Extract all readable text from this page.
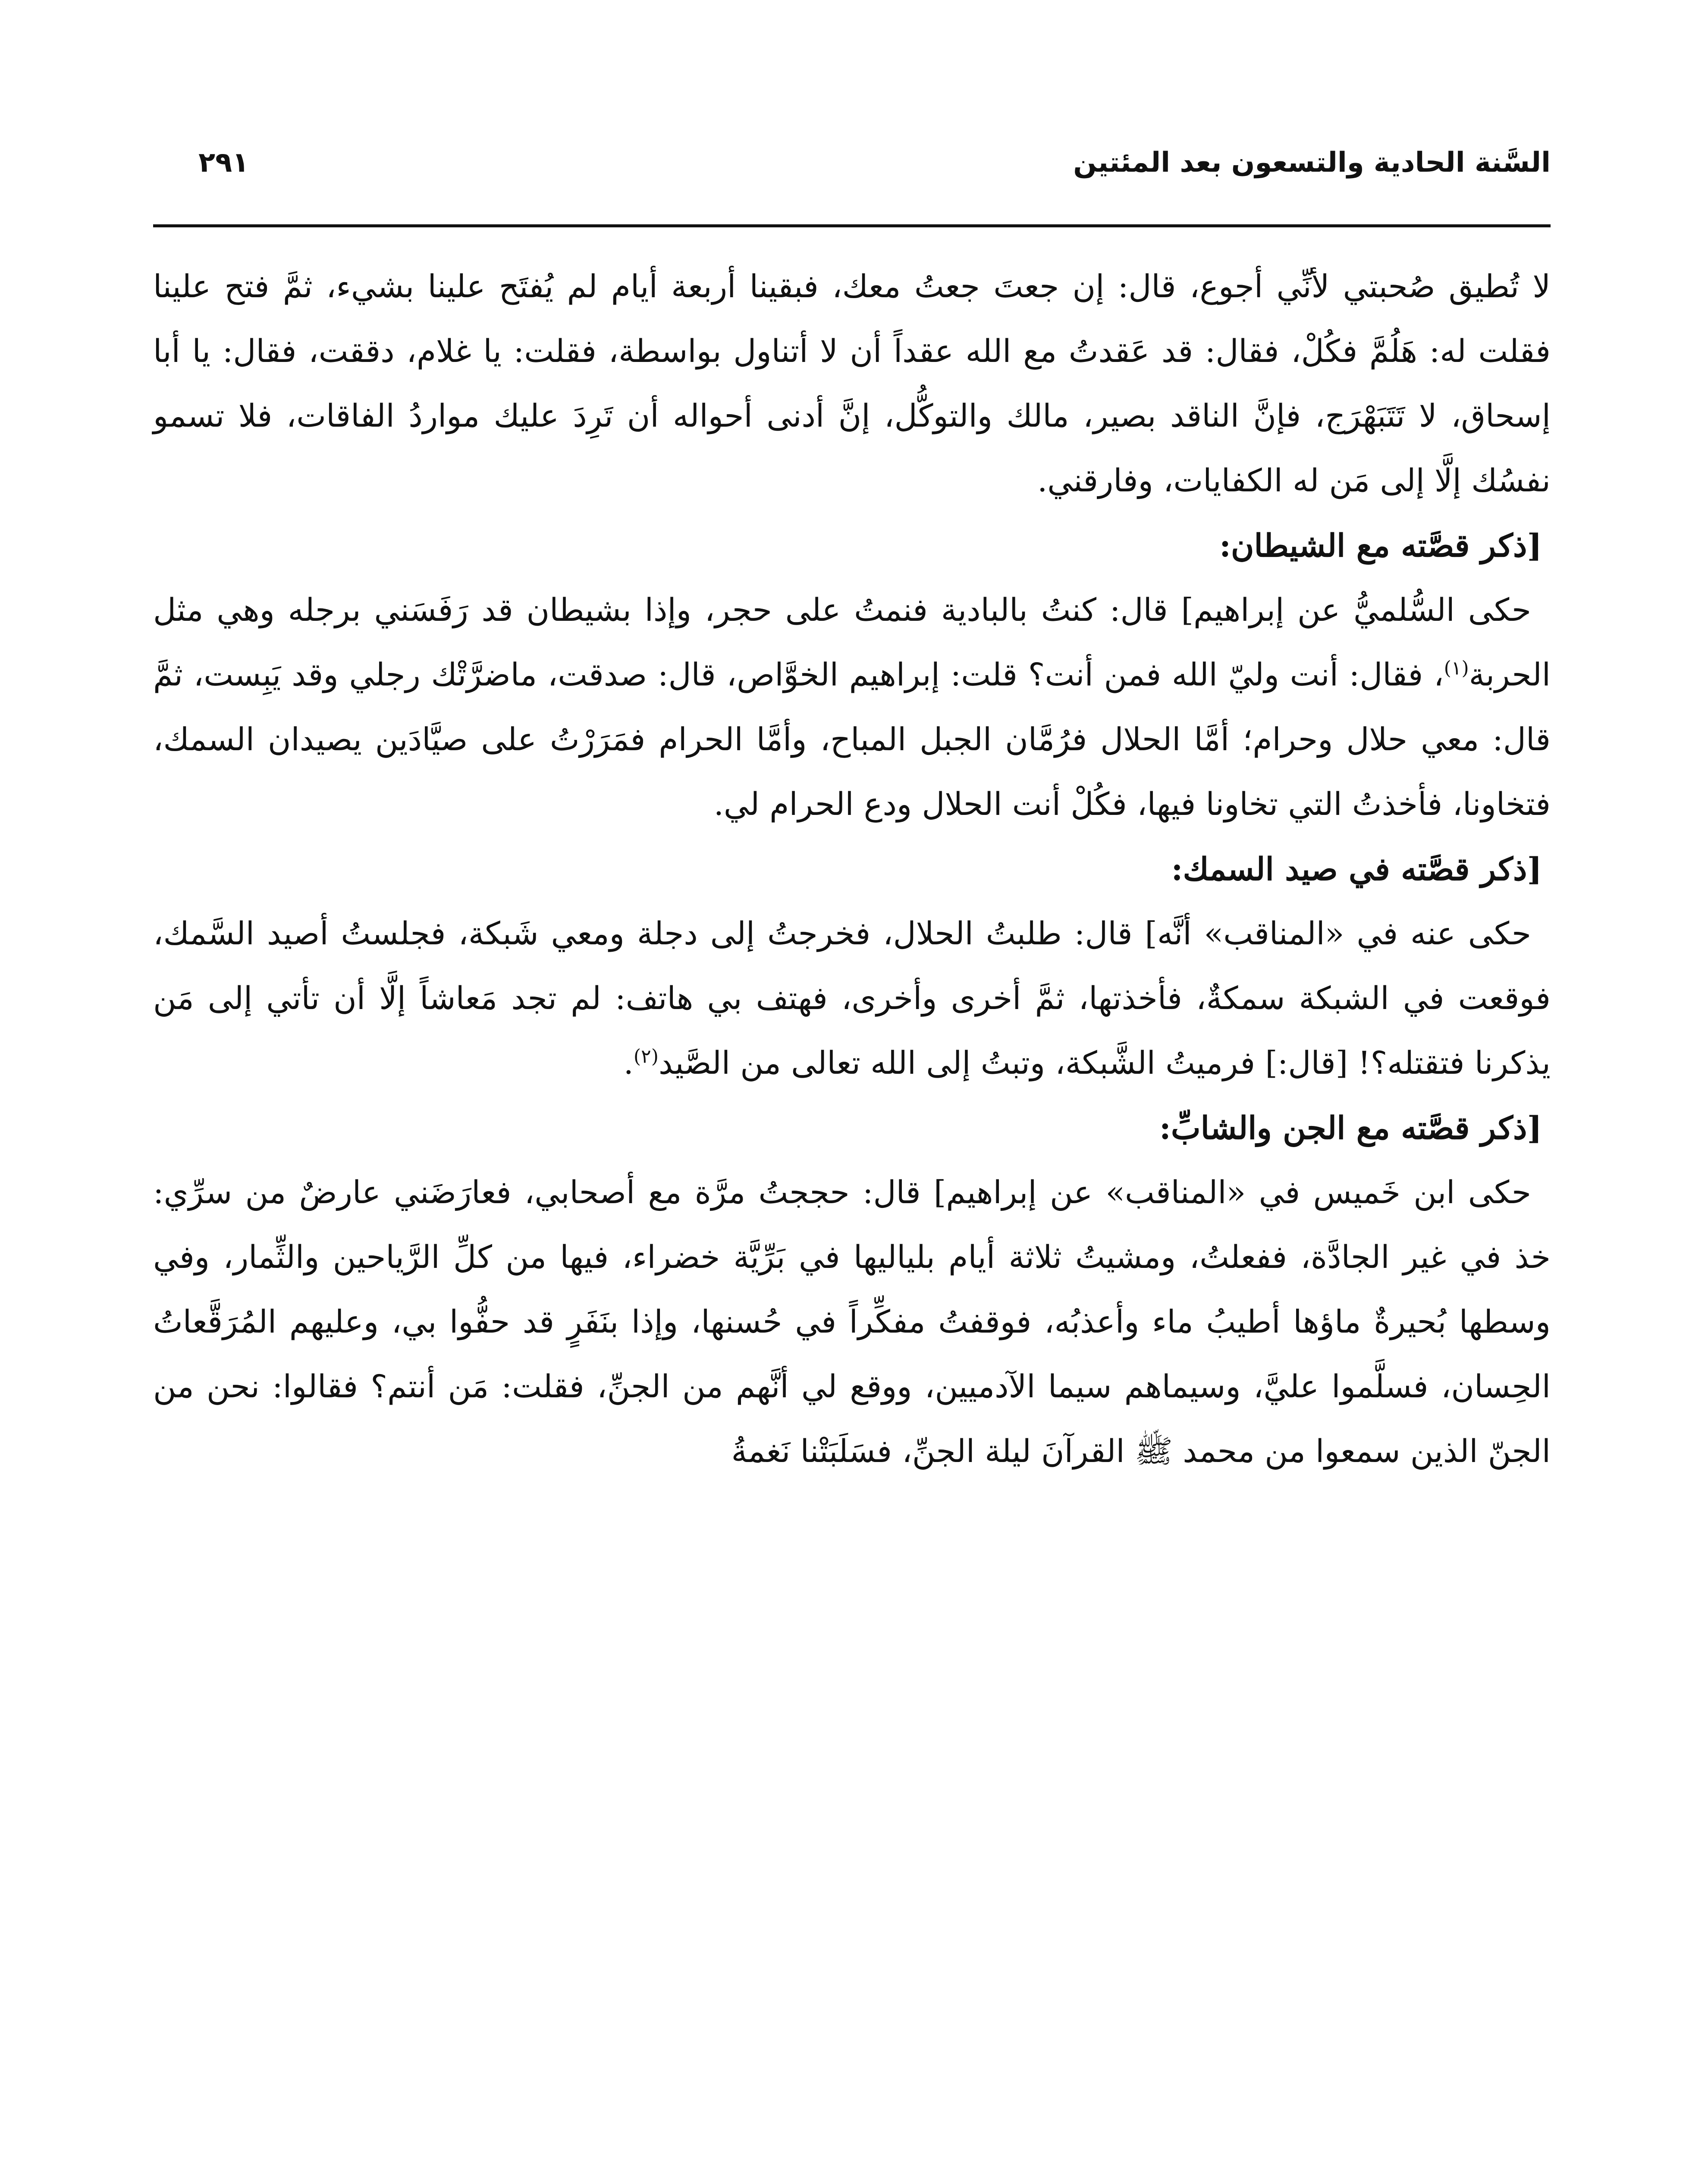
السَّنة الحادية والتسعون بعد المئتين
٢٩١

لا تُطيق صُحبتي لأنِّي أجوع، قال: إن جعتَ جعتُ معك، فبقينا أربعة أيام لم يُفتَح علينا بشيء، ثمَّ فتح علينا فقلت له: هَلُمَّ فكُلْ، فقال: قد عَقدتُ مع الله عقداً أن لا أتناول بواسطة، فقلت: يا غلام، دققت، فقال: يا أبا إسحاق، لا تَتَبَهْرَج، فإنَّ الناقد بصير، مالك والتوكُّل، إنَّ أدنى أحواله أن تَرِدَ عليك مواردُ الفاقات، فلا تسمو نفسُك إلَّا إلى مَن له الكفايات، وفارقني.

[ذكر قصَّته مع الشيطان:

حكى السُّلميُّ عن إبراهيم] قال: كنتُ بالبادية فنمتُ على حجر، وإذا بشيطان قد رَفَسَني برجله وهي مثل الحربة$^{(١)}$، فقال: أنت وليّ الله فمن أنت؟ قلت: إبراهيم الخوَّاص، قال: صدقت، ماضرَّتْك رجلي وقد يَبِست، ثمَّ قال: معي حلال وحرام؛ أمَّا الحلال فرُمَّان الجبل المباح، وأمَّا الحرام فمَرَرْتُ على صيَّادَين يصيدان السمك، فتخاونا، فأخذتُ التي تخاونا فيها، فكُلْ أنت الحلال ودع الحرام لي.

[ذكر قصَّته في صيد السمك:

حكى عنه في «المناقب» أنَّه] قال: طلبتُ الحلال، فخرجتُ إلى دجلة ومعي شَبكة، فجلستُ أصيد السَّمك، فوقعت في الشبكة سمكةٌ، فأخذتها، ثمَّ أخرى وأخرى، فهتف بي هاتف: لم تجد مَعاشاً إلَّا أن تأتي إلى مَن يذكرنا فتقتله؟! [قال:] فرميتُ الشَّبكة، وتبتُ إلى الله تعالى من الصَّيد$^{(٢)}$.

[ذكر قصَّته مع الجن والشابِّ:

حكى ابن خَميس في «المناقب» عن إبراهيم] قال: حججتُ مرَّة مع أصحابي، فعارَضَني عارضٌ من سرِّي: خذ في غير الجادَّة، ففعلتُ، ومشيتُ ثلاثة أيام بلياليها في بَرِّيَّة خضراء، فيها من كلِّ الرَّياحين والثِّمار، وفي وسطها بُحيرةٌ ماؤها أطيبُ ماء وأعذبُه، فوقفتُ مفكِّراً في حُسنها، وإذا بنَفَرٍ قد حفُّوا بي، وعليهم المُرَقَّعاتُ الحِسان، فسلَّموا عليَّ، وسيماهم سيما الآدميين، ووقع لي أنَّهم من الجنِّ، فقلت: مَن أنتم؟ فقالوا: نحن من الجنّ الذين سمعوا من محمد ﷺ القرآنَ ليلة الجنِّ، فسَلَبَتْنا نَغمةُ
